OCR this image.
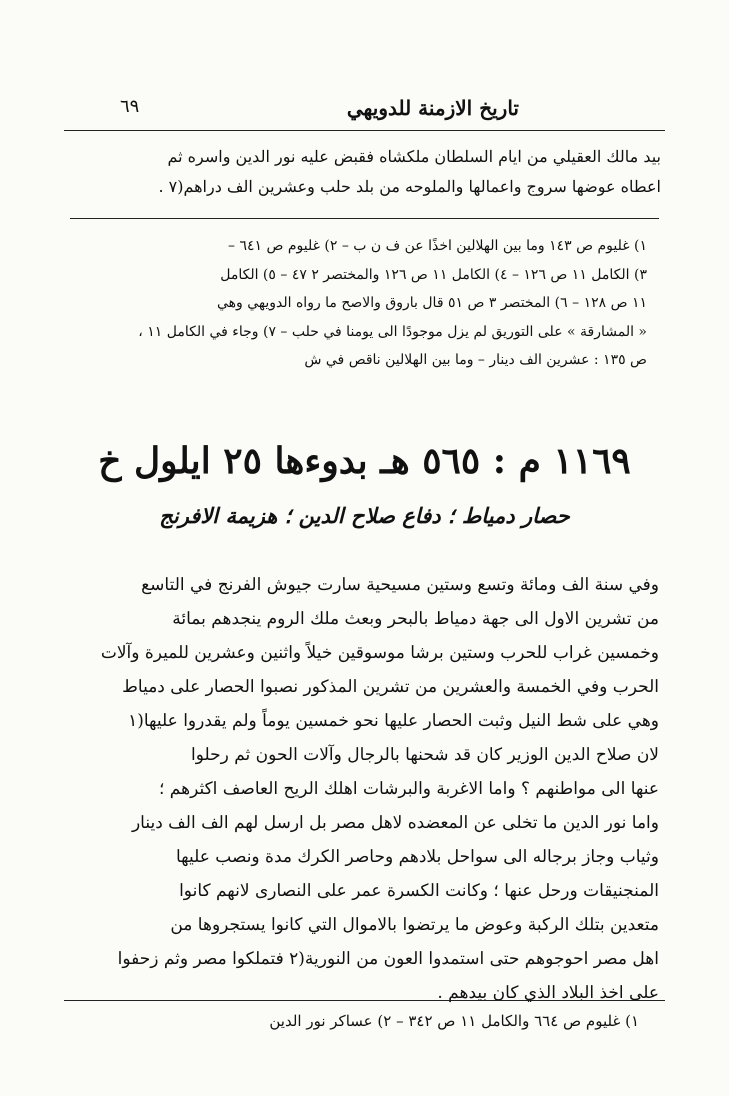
تاريخ الازمنة للدويهي
٦٩
بيد مالك العقيلي من ايام السلطان ملكشاه فقبض عليه نور الدين واسره ثم
اعطاه عوضها سروج واعمالها والملوحه من بلد حلب وعشرين الف دراهم(٧ .
١) غليوم ص ١٤٣ وما بين الهلالين اخذًا عن ف ن ب – ٢) غليوم ص ٦٤١ –
٣) الكامل ١١ ص ١٢٦ – ٤) الكامل ١١ ص ١٢٦ والمختصر ٢ ٤٧ – ٥) الكامل
١١ ص ١٢٨ – ٦) المختصر ٣ ص ٥١ قال باروق والاصح ما رواه الدويهي وهي
« المشارقة » على التوريق لم يزل موجودًا الى يومنا في حلب – ٧) وجاء في الكامل ١١ ،
ص ١٣٥ : عشرين الف دينار – وما بين الهلالين ناقص في ش
١١٦٩ م : ٥٦٥ هـ بدوءها ٢٥ ايلول خ
حصار دمياط ؛ دفاع صلاح الدين ؛ هزيمة الافرنج

وفي سنة الف ومائة وتسع وستين مسيحية سارت جيوش الفرنج في التاسع

من تشرين الاول الى جهة دمياط بالبحر وبعث ملك الروم ينجدهم بمائة

وخمسين غراب للحرب وستين برشا موسوقين خيلاً واثنين وعشرين للميرة وآلات

الحرب وفي الخمسة والعشرين من تشرين المذكور نصبوا الحصار على دمياط

وهي على شط النيل وثبت الحصار عليها نحو خمسين يوماً ولم يقدروا عليها(١

لان صلاح الدين الوزير كان قد شحنها بالرجال وآلات الحون ثم رحلوا

عنها الى مواطنهم ؟ واما الاغربة والبرشات اهلك الريح العاصف اكثرهم ؛

واما نور الدين ما تخلى عن المعضده لاهل مصر بل ارسل لهم الف الف دينار

وثياب وجاز برجاله الى سواحل بلادهم وحاصر الكرك مدة ونصب عليها

المنجنيقات ورحل عنها ؛ وكانت الكسرة عمر على النصارى لانهم كانوا

متعدين بتلك الركبة وعوض ما يرتضوا بالاموال التي كانوا يستجروها من

اهل مصر احوجوهم حتى استمدوا العون من النورية(٢ فتملكوا مصر وثم زحفوا

على اخذ البلاد الذي كان بيدهم .

١) غليوم ص ٦٦٤ والكامل ١١ ص ٣٤٢ – ٢) عساكر نور الدين
